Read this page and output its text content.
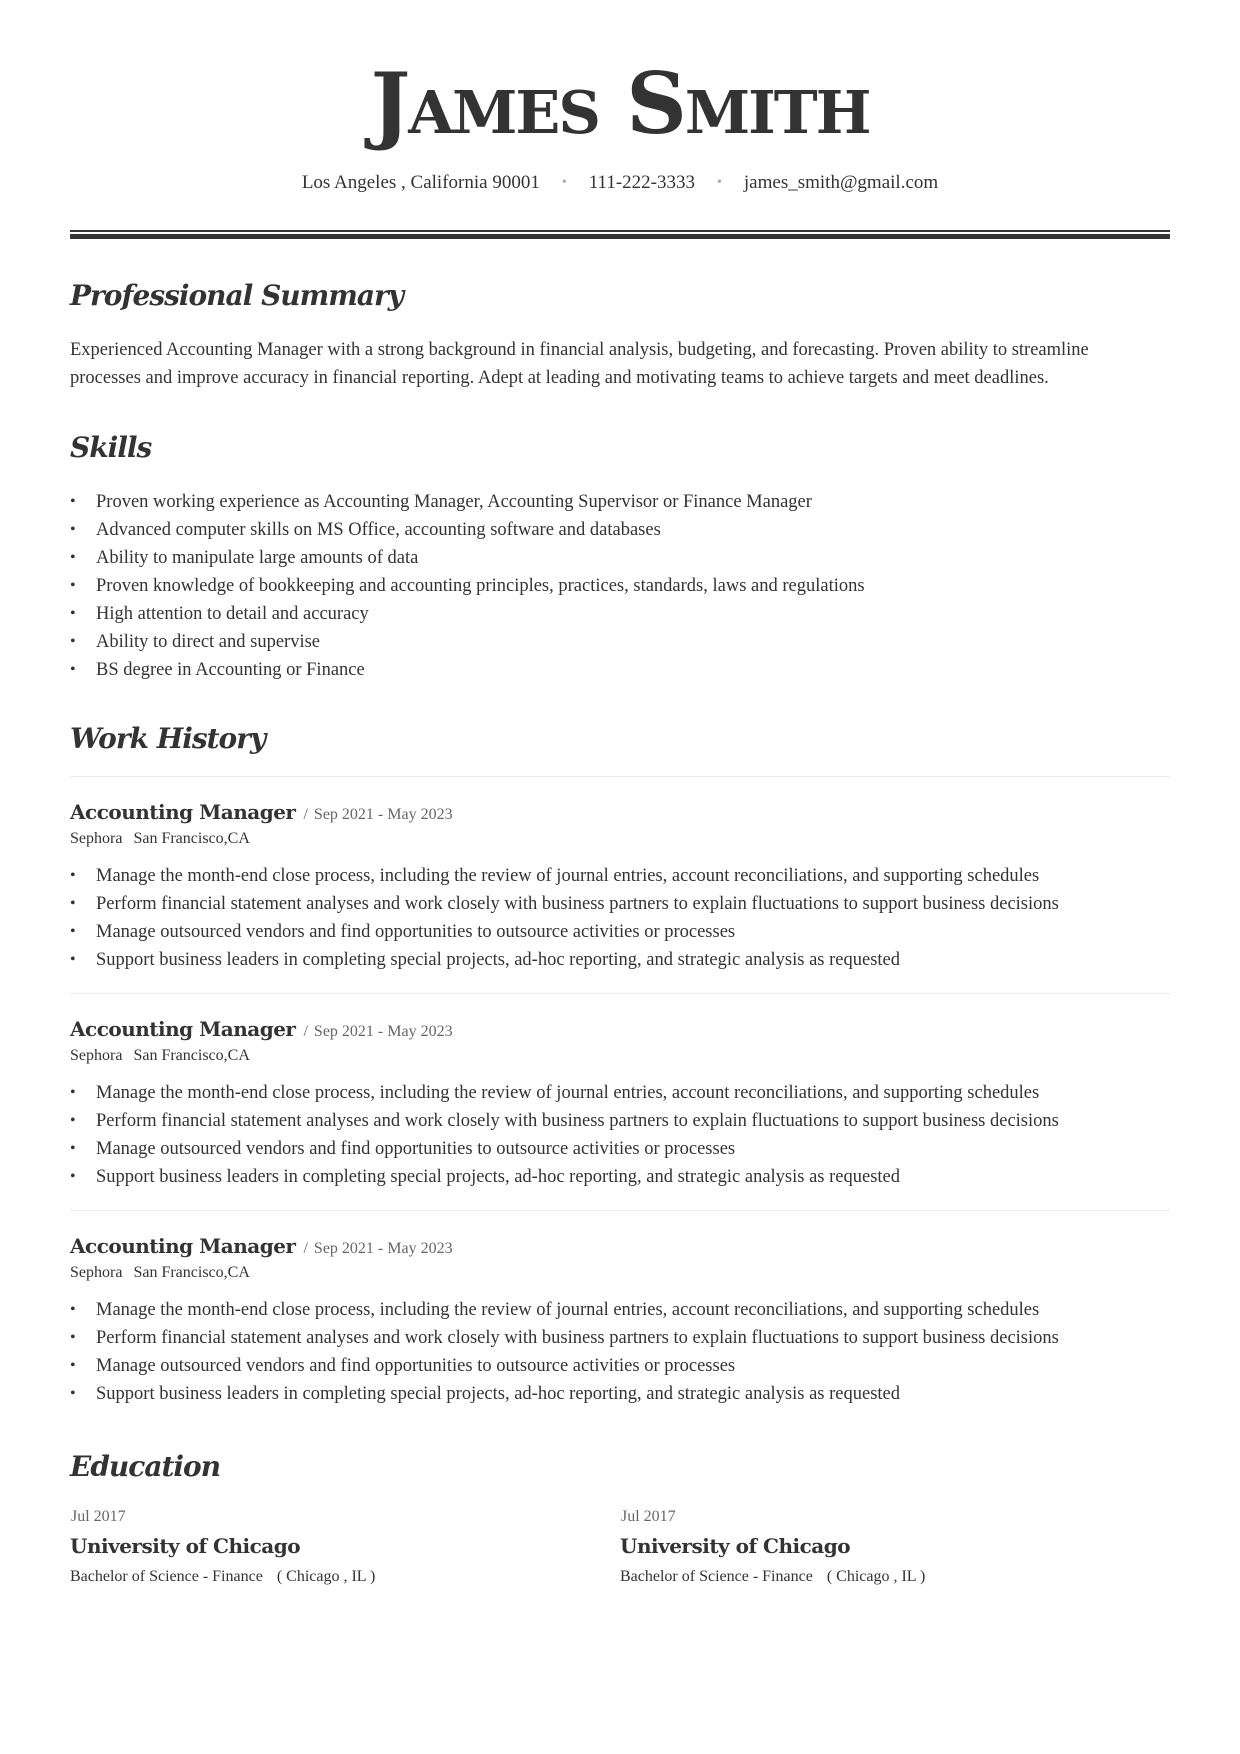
James Smith
Los Angeles , California 90001 • 111-222-3333 • james_smith@gmail.com
Professional Summary
Experienced Accounting Manager with a strong background in financial analysis, budgeting, and forecasting. Proven ability to streamline
processes and improve accuracy in financial reporting. Adept at leading and motivating teams to achieve targets and meet deadlines.
Skills
• Proven working experience as Accounting Manager, Accounting Supervisor or Finance Manager
• Advanced computer skills on MS Office, accounting software and databases
• Ability to manipulate large amounts of data
• Proven knowledge of bookkeeping and accounting principles, practices, standards, laws and regulations
• High attention to detail and accuracy
• Ability to direct and supervise
• BS degree in Accounting or Finance
Work History
Accounting Manager / Sep 2021 - May 2023
Sephora San Francisco,CA
• Manage the month-end close process, including the review of journal entries, account reconciliations, and supporting schedules
• Perform financial statement analyses and work closely with business partners to explain fluctuations to support business decisions
• Manage outsourced vendors and find opportunities to outsource activities or processes
• Support business leaders in completing special projects, ad-hoc reporting, and strategic analysis as requested
Accounting Manager / Sep 2021 - May 2023
Sephora San Francisco,CA
• Manage the month-end close process, including the review of journal entries, account reconciliations, and supporting schedules
• Perform financial statement analyses and work closely with business partners to explain fluctuations to support business decisions
• Manage outsourced vendors and find opportunities to outsource activities or processes
• Support business leaders in completing special projects, ad-hoc reporting, and strategic analysis as requested
Accounting Manager / Sep 2021 - May 2023
Sephora San Francisco,CA
• Manage the month-end close process, including the review of journal entries, account reconciliations, and supporting schedules
• Perform financial statement analyses and work closely with business partners to explain fluctuations to support business decisions
• Manage outsourced vendors and find opportunities to outsource activities or processes
• Support business leaders in completing special projects, ad-hoc reporting, and strategic analysis as requested
Education
Jul 2017
University of Chicago
Bachelor of Science - Finance ( Chicago , IL )
Jul 2017
University of Chicago
Bachelor of Science - Finance ( Chicago , IL )
